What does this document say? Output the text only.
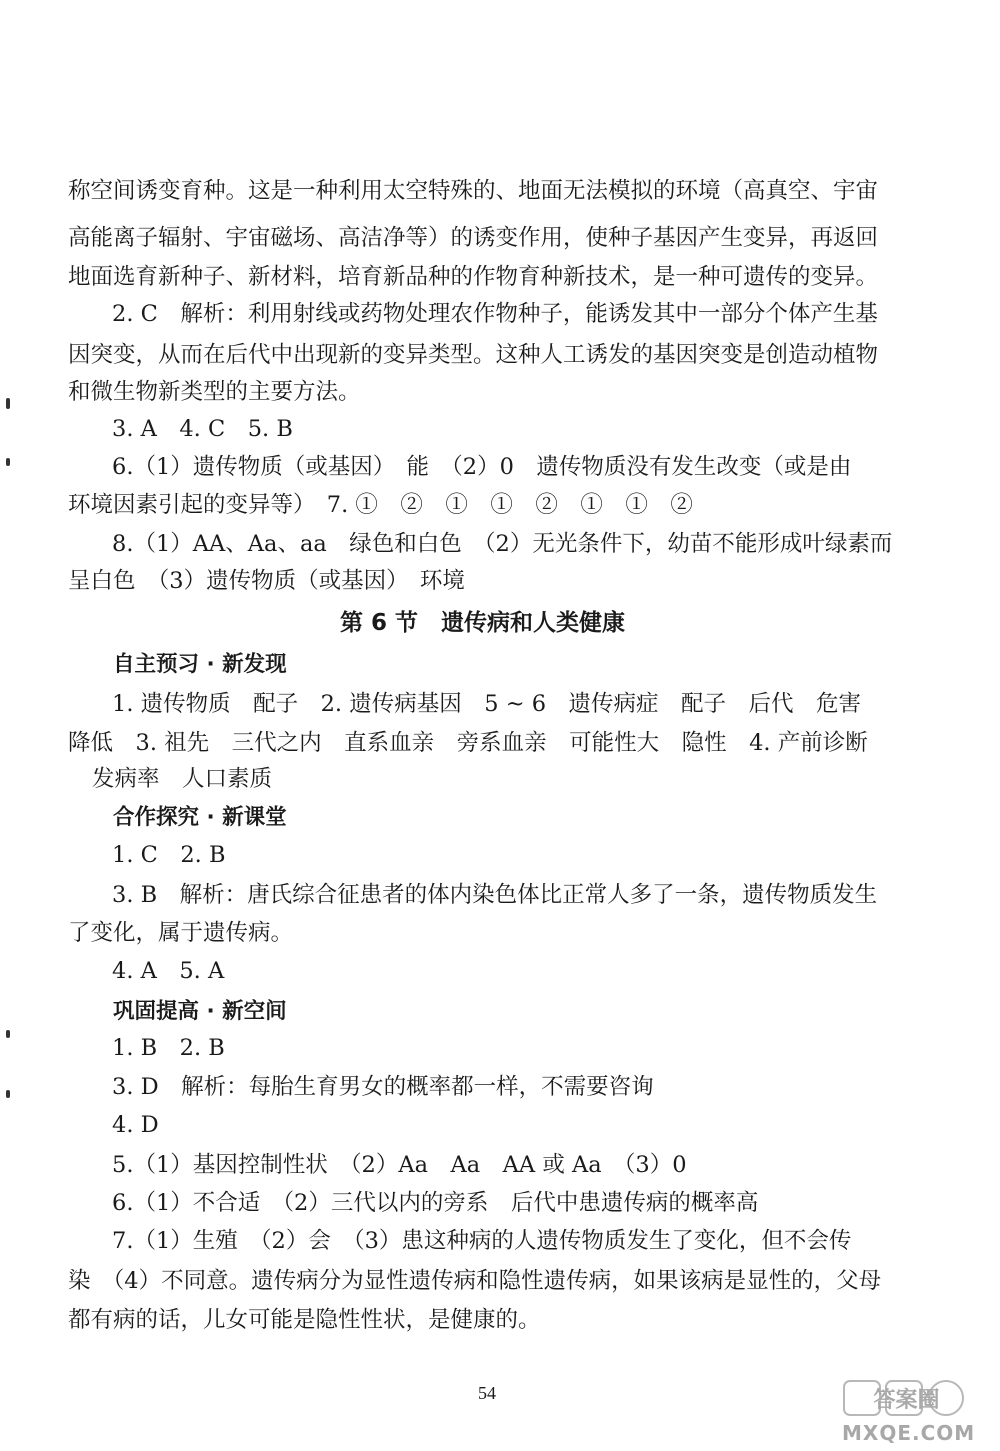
称空间诱变育种。这是一种利用太空特殊的、地面无法模拟的环境（高真空、宇宙
高能离子辐射、宇宙磁场、高洁净等）的诱变作用，使种子基因产生变异，再返回
地面选育新种子、新材料，培育新品种的作物育种新技术，是一种可遗传的变异。
2. C　解析：利用射线或药物处理农作物种子，能诱发其中一部分个体产生基
因突变，从而在后代中出现新的变异类型。这种人工诱发的基因突变是创造动植物
和微生物新类型的主要方法。
3. A　4. C　5. B
6.（1）遗传物质（或基因）　能　（2）0　遗传物质没有发生改变（或是由
环境因素引起的变异等）　7. ①　②　①　①　②　①　①　②
8.（1）AA、Aa、aa　绿色和白色　（2）无光条件下，幼苗不能形成叶绿素而
呈白色　（3）遗传物质（或基因）　环境
第 6 节　遗传病和人类健康
自主预习 · 新发现
1. 遗传物质　配子　2. 遗传病基因　5 ~ 6　遗传病症　配子　后代　危害
降低　3. 祖先　三代之内　直系血亲　旁系血亲　可能性大　隐性　4. 产前诊断
发病率　人口素质
合作探究 · 新课堂
1. C　2. B
3. B　解析：唐氏综合征患者的体内染色体比正常人多了一条，遗传物质发生
了变化，属于遗传病。
4. A　5. A
巩固提高 · 新空间
1. B　2. B
3. D　解析：每胎生育男女的概率都一样，不需要咨询
4. D
5.（1）基因控制性状　（2）Aa　Aa　AA 或 Aa　（3）0
6.（1）不合适　（2）三代以内的旁系　后代中患遗传病的概率高
7.（1）生殖　（2）会　（3）患这种病的人遗传物质发生了变化，但不会传
染　（4）不同意。遗传病分为显性遗传病和隐性遗传病，如果该病是显性的，父母
都有病的话，儿女可能是隐性性状，是健康的。
54	答案圈
MXQE.COM
